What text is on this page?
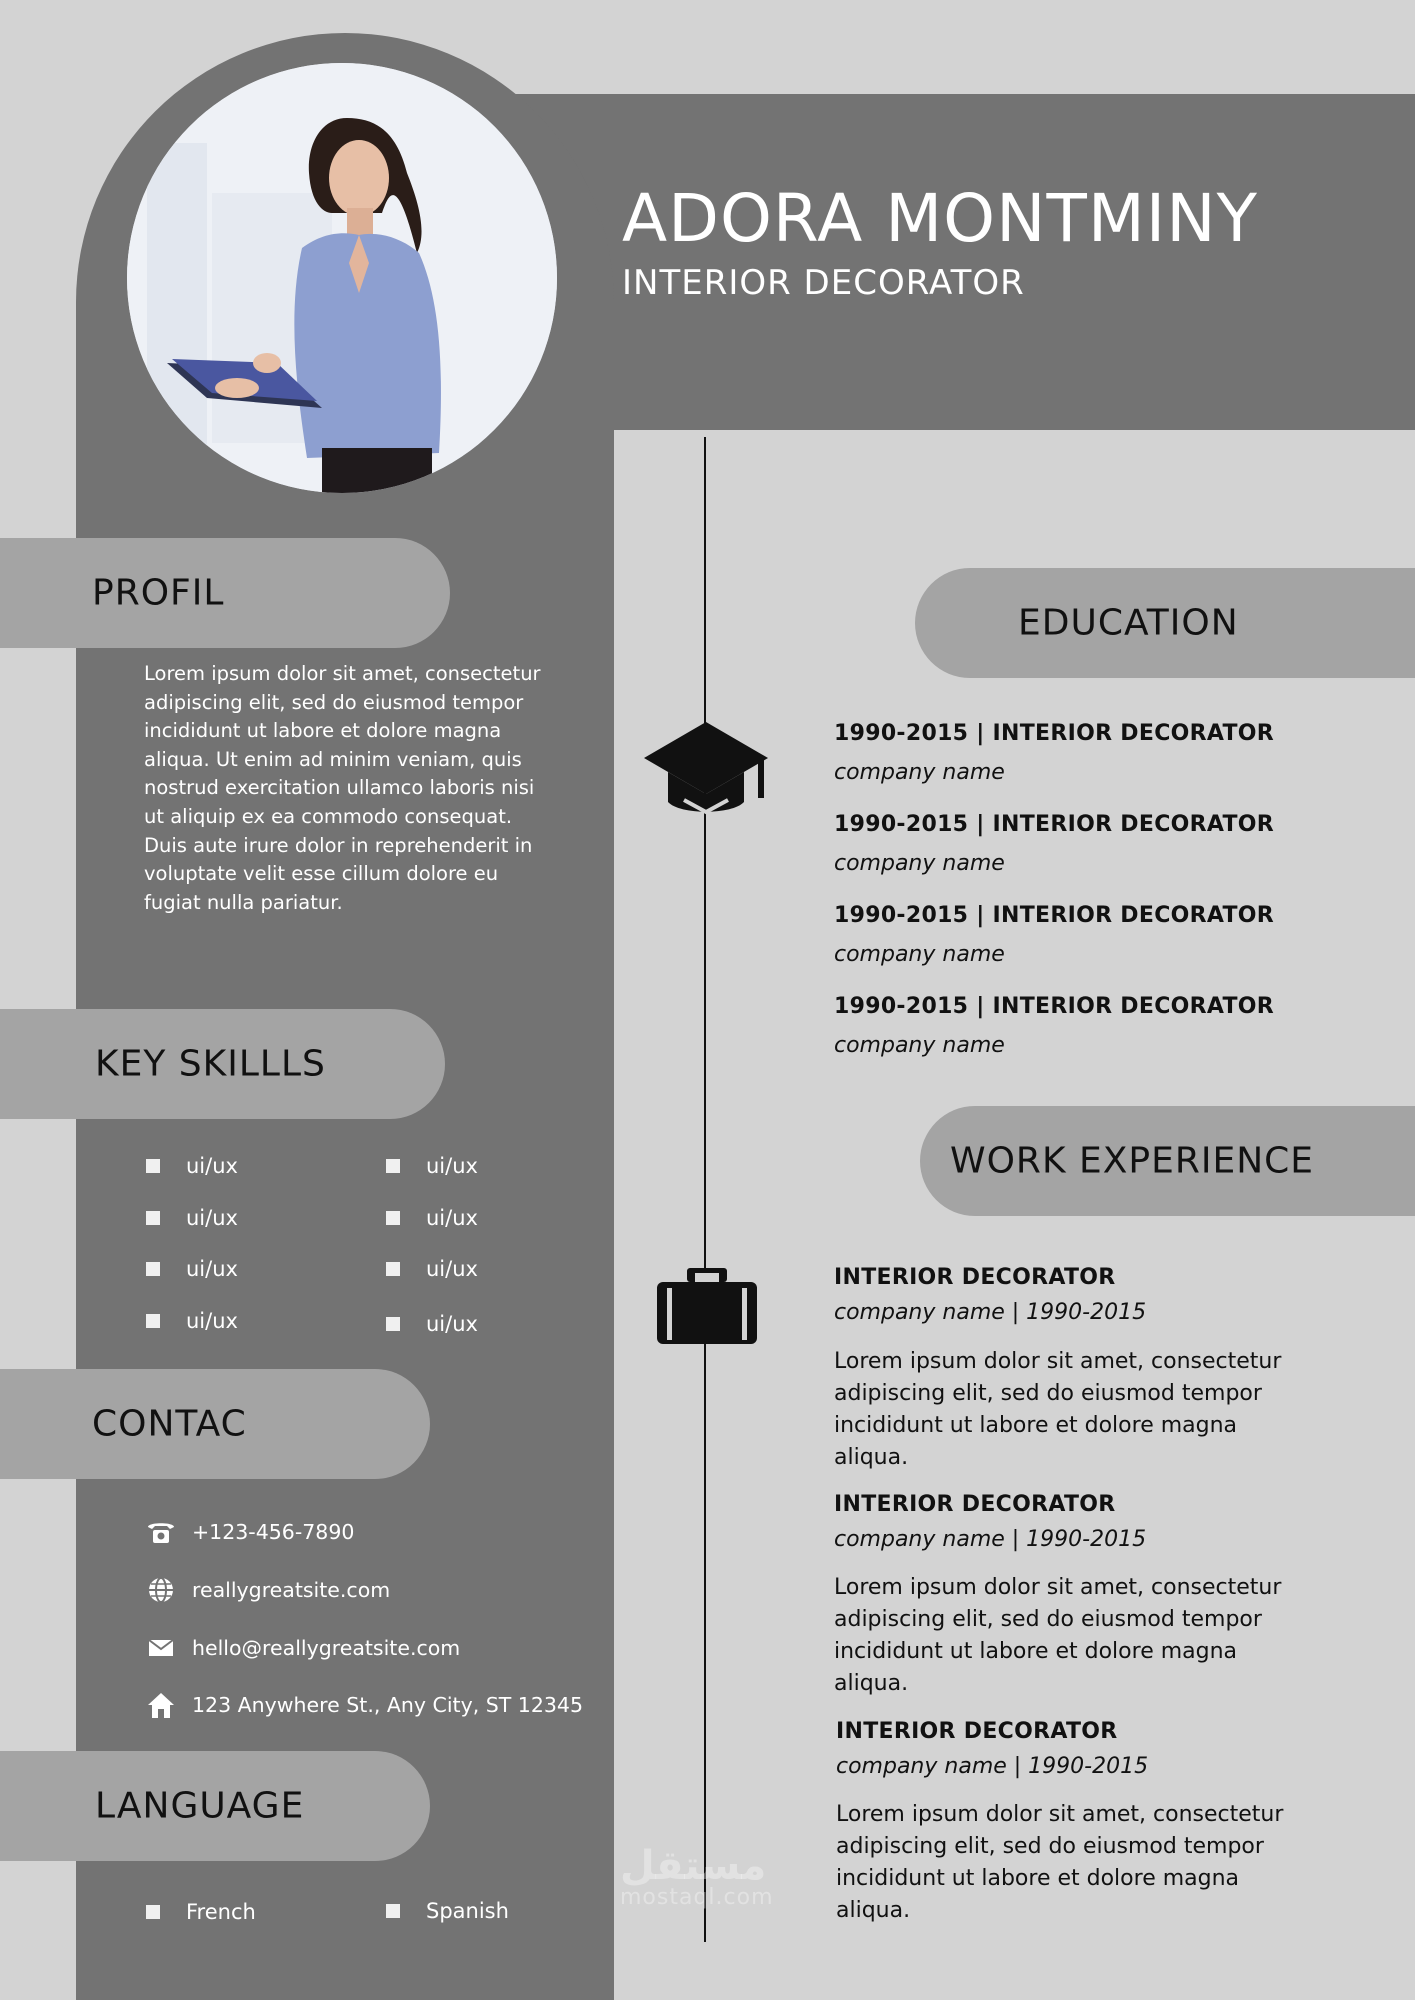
ADORA MONTMINY
INTERIOR DECORATOR
PROFIL
Lorem ipsum dolor sit amet, consectetur adipiscing elit, sed do eiusmod tempor incididunt ut labore et dolore magna aliqua. Ut enim ad minim veniam, quis nostrud exercitation ullamco laboris nisi ut aliquip ex ea commodo consequat. Duis aute irure dolor in reprehenderit in voluptate velit esse cillum dolore eu fugiat nulla pariatur.
KEY SKILLLS
ui/ux
ui/ux
ui/ux
ui/ux
ui/ux
ui/ux
ui/ux
ui/ux
CONTAC
+123-456-7890
reallygreatsite.com
hello@reallygreatsite.com
123 Anywhere St., Any City, ST 12345
LANGUAGE
French	Spanish
EDUCATION
1990-2015 | INTERIOR DECORATOR
company name
1990-2015 | INTERIOR DECORATOR
company name
1990-2015 | INTERIOR DECORATOR
company name
1990-2015 | INTERIOR DECORATOR
company name
WORK EXPERIENCE
INTERIOR DECORATOR
company name | 1990-2015
Lorem ipsum dolor sit amet, consectetur adipiscing elit, sed do eiusmod tempor incididunt ut labore et dolore magna aliqua.
INTERIOR DECORATOR
company name | 1990-2015
Lorem ipsum dolor sit amet, consectetur adipiscing elit, sed do eiusmod tempor incididunt ut labore et dolore magna aliqua.
INTERIOR DECORATOR
company name | 1990-2015
Lorem ipsum dolor sit amet, consectetur adipiscing elit, sed do eiusmod tempor incididunt ut labore et dolore magna aliqua.
مستقل
mostaql.com
